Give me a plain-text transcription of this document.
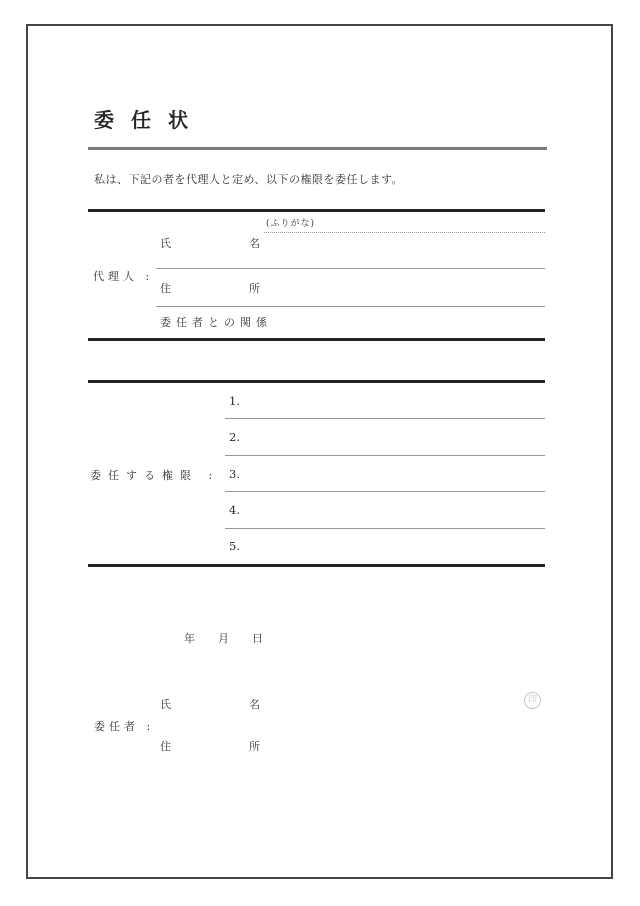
委任状
私は、下記の者を代理人と定め、以下の権限を委任します。
代理人 :
(ふりがな)
氏	名
住	所
委任者との関係
委任する権限 :
1.
2.
3.
4.
5.
年 月 日
氏	名
委任者 :
住	所
印
